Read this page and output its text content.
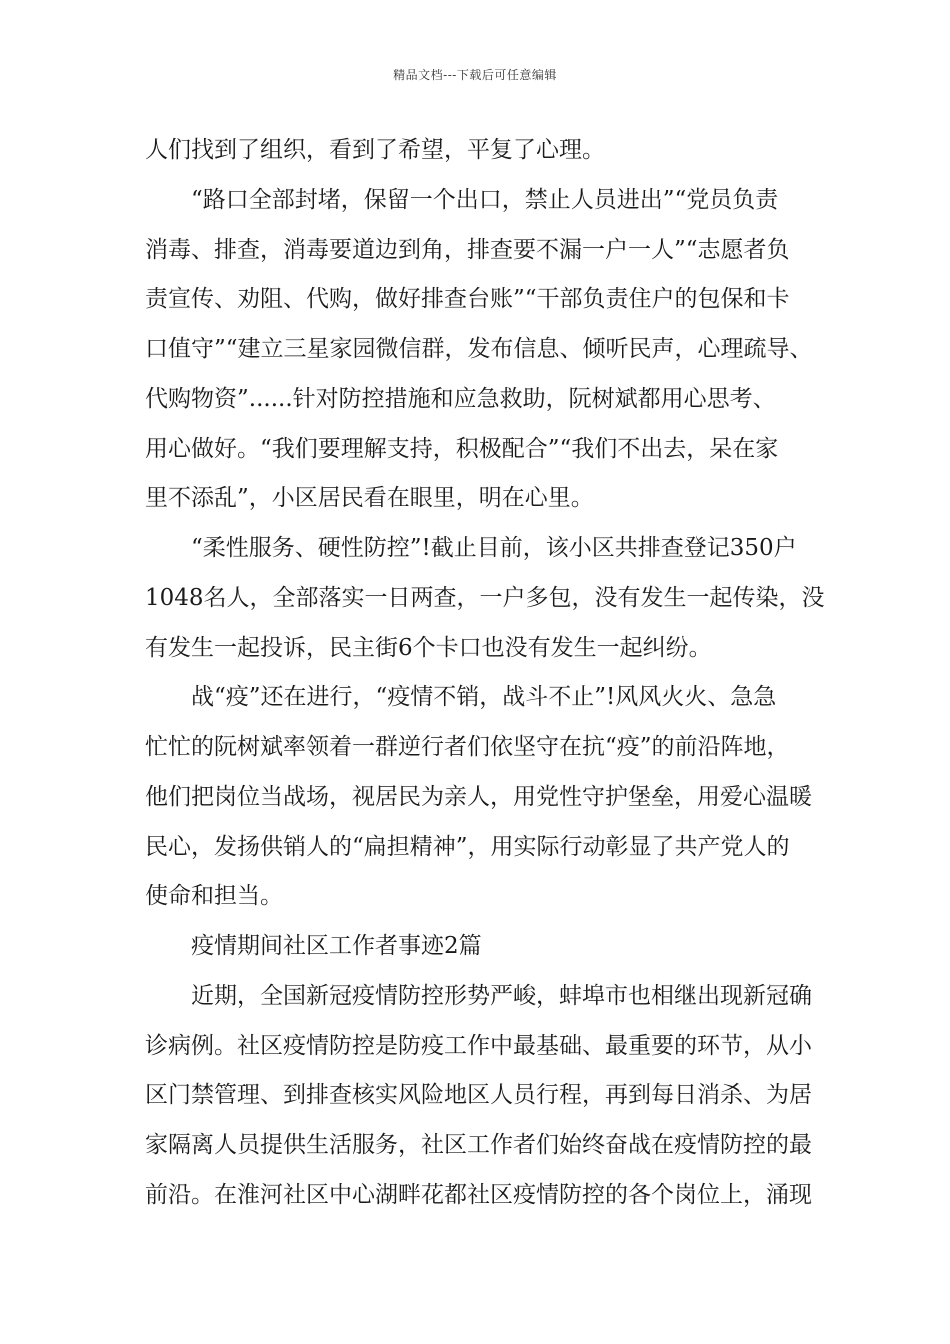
精品文档---下载后可任意编辑
人们找到了组织，看到了希望，平复了心理。
“路口全部封堵，保留一个出口，禁止人员进出”“党员负责
消毒、排查，消毒要道边到角，排查要不漏一户一人”“志愿者负
责宣传、劝阻、代购，做好排查台账”“干部负责住户的包保和卡
口值守”“建立三星家园微信群，发布信息、倾听民声，心理疏导、
代购物资”......针对防控措施和应急救助，阮树斌都用心思考、
用心做好。“我们要理解支持，积极配合”“我们不出去，呆在家
里不添乱”，小区居民看在眼里，明在心里。
“柔性服务、硬性防控”!截止目前，该小区共排查登记350户
1048名人，全部落实一日两查，一户多包，没有发生一起传染，没
有发生一起投诉，民主街6个卡口也没有发生一起纠纷。
战“疫”还在进行，“疫情不销，战斗不止”!风风火火、急急
忙忙的阮树斌率领着一群逆行者们依坚守在抗“疫”的前沿阵地，
他们把岗位当战场，视居民为亲人，用党性守护堡垒，用爱心温暖
民心，发扬供销人的“扁担精神”，用实际行动彰显了共产党人的
使命和担当。
疫情期间社区工作者事迹2篇
近期，全国新冠疫情防控形势严峻，蚌埠市也相继出现新冠确
诊病例。社区疫情防控是防疫工作中最基础、最重要的环节，从小
区门禁管理、到排查核实风险地区人员行程，再到每日消杀、为居
家隔离人员提供生活服务，社区工作者们始终奋战在疫情防控的最
前沿。在淮河社区中心湖畔花都社区疫情防控的各个岗位上，涌现
